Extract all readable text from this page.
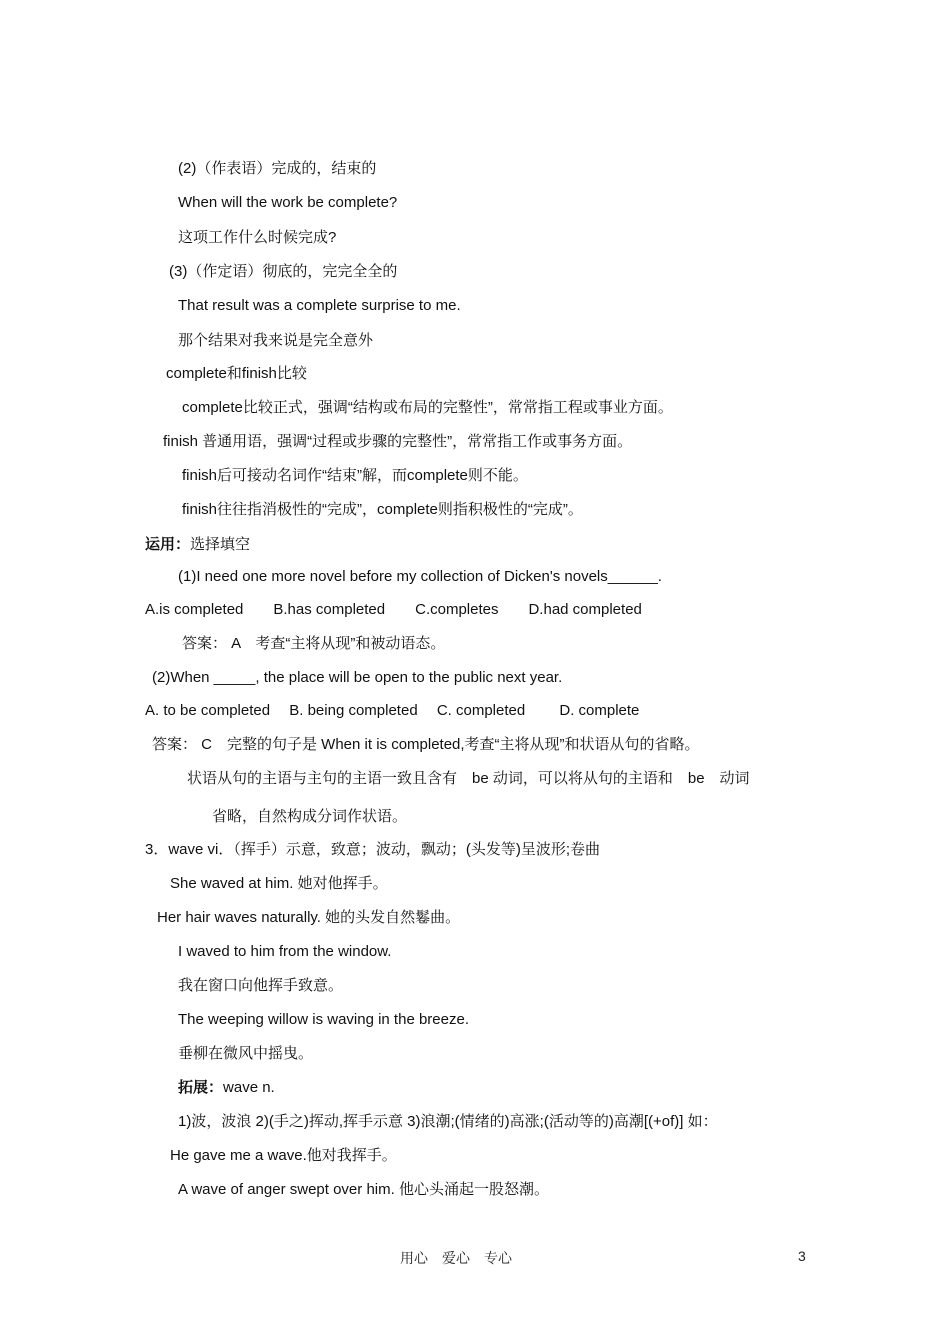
(2)（作表语）完成的，结束的
When will the work be complete?
这项工作什么时候完成?
(3)（作定语）彻底的，完完全全的
That result was a complete surprise to me.
那个结果对我来说是完全意外
complete和finish比较
complete比较正式，强调“结构或布局的完整性”，常常指工程或事业方面。
finish 普通用语，强调“过程或步骤的完整性”，常常指工作或事务方面。
finish后可接动名词作“结束”解，而complete则不能。
finish往往指消极性的“完成”，complete则指积极性的“完成”。
运用：选择填空
(1)I need one more novel before my collection of Dicken's novels______.
A.is completed　　B.has completed　　C.completes　　D.had completed
答案： A　考查“主将从现”和被动语态。
(2)When _____, the place will be open to the public next year.
A. to be completed　 B. being completed　 C. completed　　 D. complete
答案： C　完整的句子是 When it is completed,考查“主将从现”和状语从句的省略。
状语从句的主语与主句的主语一致且含有　be 动词，可以将从句的主语和　be　动词
省略，自然构成分词作状语。
3．wave vi．（挥手）示意，致意；波动，飘动；(头发等)呈波形;卷曲
She waved at him. 她对他挥手。
Her hair waves naturally. 她的头发自然鬈曲。
I waved to him from the window.
我在窗口向他挥手致意。
The weeping willow is waving in the breeze.
垂柳在微风中摇曳。
拓展：wave n.
1)波，波浪 2)(手之)挥动,挥手示意 3)浪潮;(情绪的)高涨;(活动等的)高潮[(+of)] 如：
He gave me a wave.他对我挥手。
A wave of anger swept over him. 他心头涌起一股怒潮。
用心 爱心 专心	3
